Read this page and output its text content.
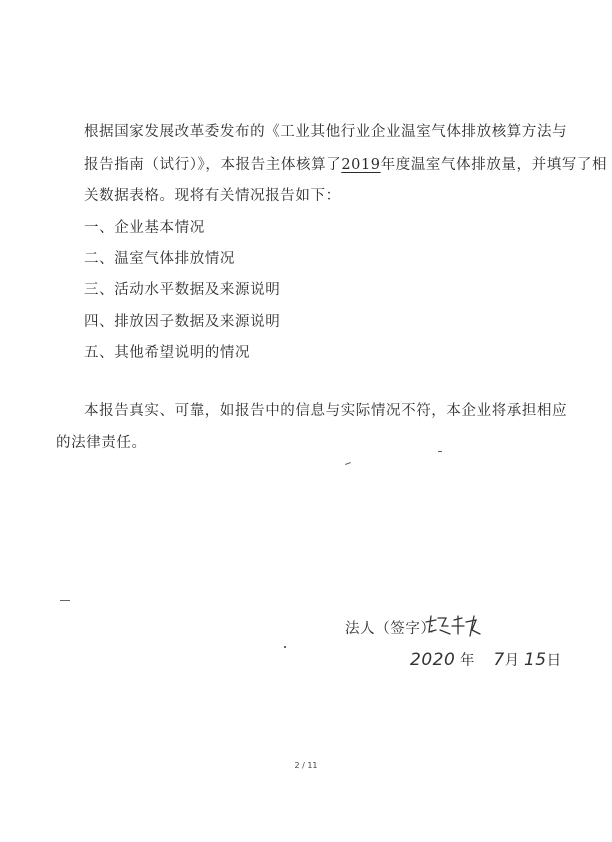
根据国家发展改革委发布的《工业其他行业企业温室气体排放核算方法与
报告指南（试行）》，本报告主体核算了2019年度温室气体排放量，并填写了相
关数据表格。现将有关情况报告如下：
一、企业基本情况
二、温室气体排放情况
三、活动水平数据及来源说明
四、排放因子数据及来源说明
五、其他希望说明的情况
本报告真实、可靠，如报告中的信息与实际情况不符，本企业将承担相应
的法律责任。
法人（签字）：
2020 年 7月 15日
2 / 11
